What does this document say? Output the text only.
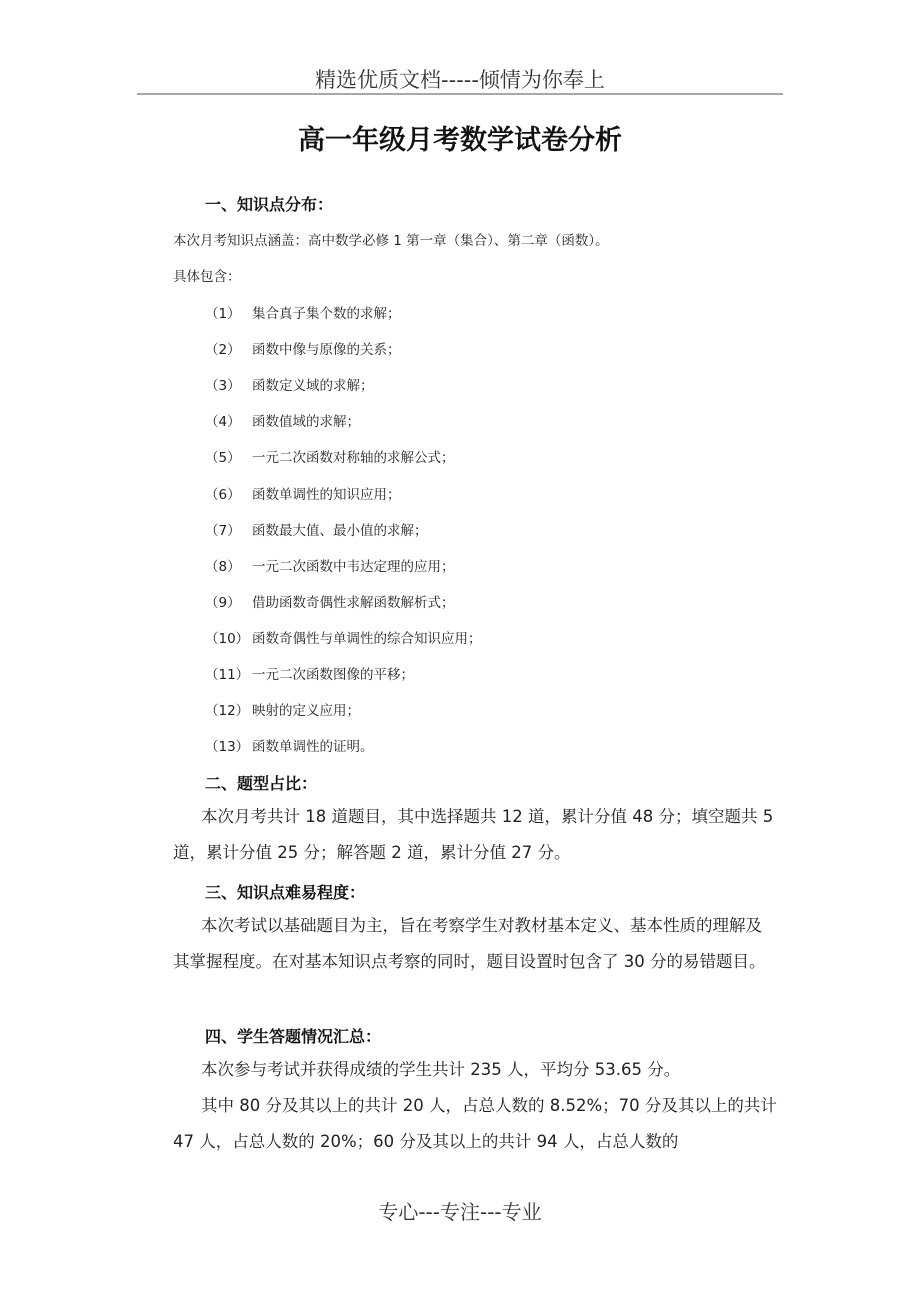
精选优质文档-----倾情为你奉上
高一年级月考数学试卷分析
一、知识点分布：
本次月考知识点涵盖：高中数学必修 1 第一章（集合）、第二章（函数）。
具体包含：
（1） 集合真子集个数的求解；
（2） 函数中像与原像的关系；
（3） 函数定义域的求解；
（4） 函数值域的求解；
（5） 一元二次函数对称轴的求解公式；
（6） 函数单调性的知识应用；
（7） 函数最大值、最小值的求解；
（8） 一元二次函数中韦达定理的应用；
（9） 借助函数奇偶性求解函数解析式；
（10） 函数奇偶性与单调性的综合知识应用；
（11） 一元二次函数图像的平移；
（12） 映射的定义应用；
（13） 函数单调性的证明。
二、题型占比：

本次月考共计 18 道题目，其中选择题共 12 道，累计分值 48 分；填空题共 5 道，累计分值 25 分；解答题 2 道，累计分值 27 分。

三、知识点难易程度：

本次考试以基础题目为主，旨在考察学生对教材基本定义、基本性质的理解及其掌握程度。在对基本知识点考察的同时，题目设置时包含了 30 分的易错题目。

四、学生答题情况汇总：

本次参与考试并获得成绩的学生共计 235 人，平均分 53.65 分。

其中 80 分及其以上的共计 20 人，占总人数的 8.52%；70 分及其以上的共计 47 人，占总人数的 20%；60 分及其以上的共计 94 人，占总人数的

专心---专注---专业
